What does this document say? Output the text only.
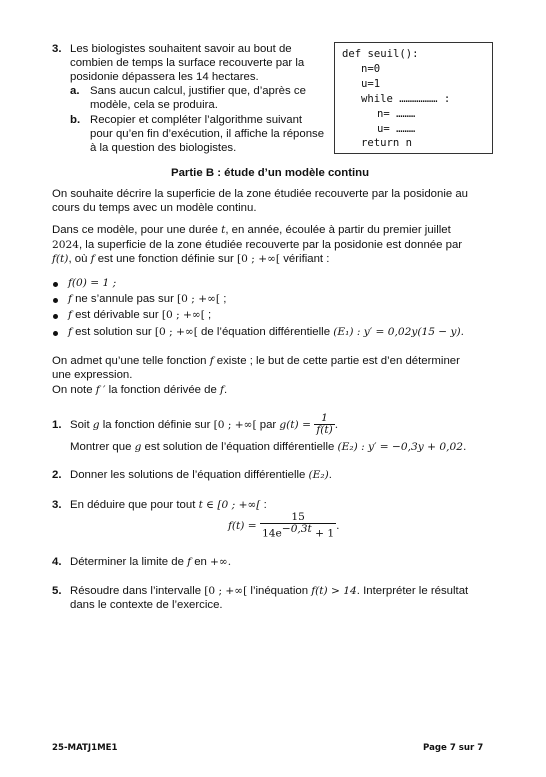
3. Les biologistes souhaitent savoir au bout de
combien de temps la surface recouverte par la
posidonie dépassera les 14 hectares.
a. Sans aucun calcul, justifier que, d’après ce
modèle, cela se produira.
b. Recopier et compléter l’algorithme suivant
pour qu’en fin d’exécution, il affiche la réponse
à la question des biologistes.
def seuil():
n=0
u=1
while ……………… :
n= ………
u= ………
return n
Partie B : étude d’un modèle continu
On souhaite décrire la superficie de la zone étudiée recouverte par la posidonie au
cours du temps avec un modèle continu.
Dans ce modèle, pour une durée t, en année, écoulée à partir du premier juillet
2024, la superficie de la zone étudiée recouverte par la posidonie est donnée par
f(t), où f est une fonction définie sur [0 ; +∞[ vérifiant :
f(0) = 1 ;
f ne s’annule pas sur [0 ; +∞[ ;
f est dérivable sur [0 ; +∞[ ;
f est solution sur [0 ; +∞[ de l’équation différentielle (E₁) : y′ = 0,02y(15 − y).
On admet qu’une telle fonction f existe ; le but de cette partie est d’en déterminer
une expression.
On note f ′ la fonction dérivée de f.
1. Soit g la fonction définie sur [0 ; +∞[ par $g(t) = \frac{1}{f(t)}$ .
Montrer que g est solution de l’équation différentielle (E₂) : y′ = −0,3y + 0,02.
2. Donner les solutions de l’équation différentielle (E₂).
3. En déduire que pour tout t ∈ [0 ; +∞[ :
$f(t) = \frac{15}{14e^{-0,3t} + 1}$ .
4. Déterminer la limite de f en +∞.
5. Résoudre dans l’intervalle [0 ; +∞[ l’inéquation f(t) > 14. Interpréter le résultat
dans le contexte de l’exercice.
25-MATJ1ME1	Page 7 sur 7
